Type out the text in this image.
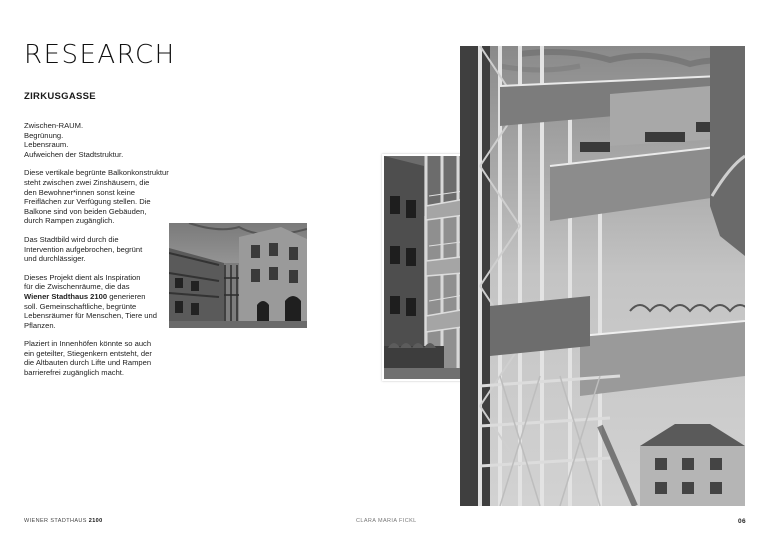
RESEARCH
ZIRKUSGASSE

Zwischen-RAUM.
Begrünung.
Lebensraum.
Aufweichen der Stadtstruktur.

Diese vertikale begrünte Balkonkonstruktur
steht zwischen zwei Zinshäusern, die
den Bewohner*innen sonst keine
Freiflächen zur Verfügung stellen. Die
Balkone sind von beiden Gebäuden,
durch Rampen zugänglich.

Das Stadtbild wird durch die
Intervention aufgebrochen, begrünt
und durchlässiger.

Dieses Projekt dient als Inspiration
für die Zwischenräume, die das
Wiener Stadthaus 2100 generieren
soll. Gemeinschaftliche, begrünte
Lebensräumer für Menschen, Tiere und
Pflanzen.

Plaziert in Innenhöfen könnte so auch
ein geteilter, Stiegenkern entsteht, der
die Altbauten durch Lifte und Rampen
barrierefrei zugänglich macht.

WIENER STADTHAUS 2100	CLARA MARIA FICKL	06
